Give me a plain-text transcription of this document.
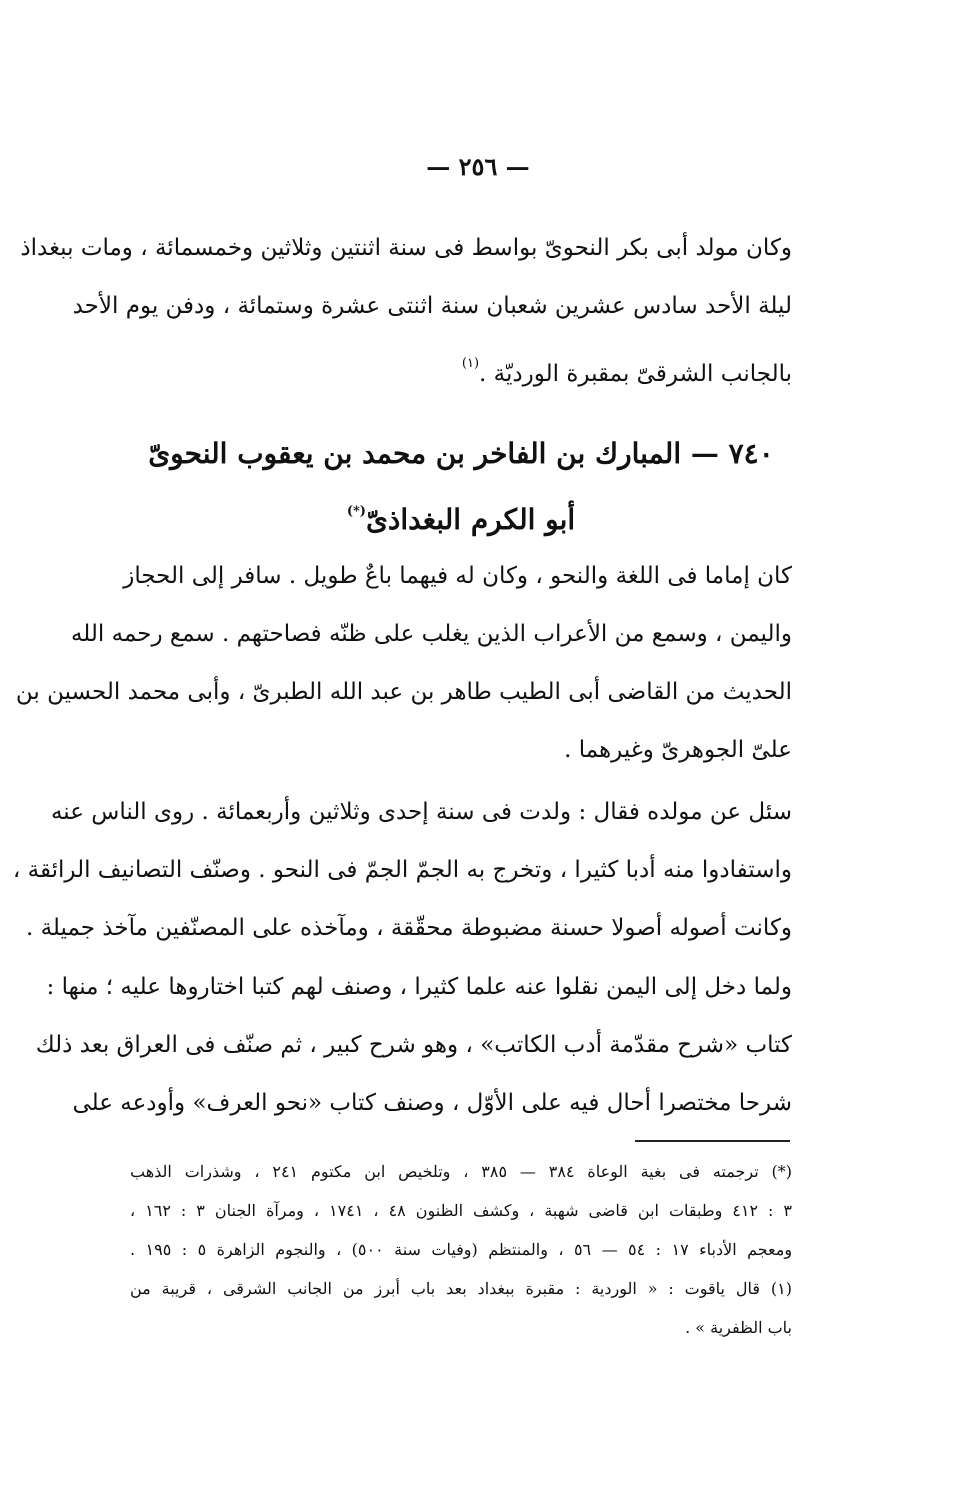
— ٢٥٦ —
وكان مولد أبى بكر النحوىّ بواسط فى سنة اثنتين وثلاثين وخمسمائة ، ومات ببغداذ
ليلة الأحد سادس عشرين شعبان سنة اثنتى عشرة وستمائة ، ودفن يوم الأحد
بالجانب الشرقىّ بمقبرة الورديّة .$^{(١)}$
٧٤٠ — المبارك بن الفاخر بن محمد بن يعقوب النحوىّ
أبو الكرم البغداذىّ(*)
كان إماما فى اللغة والنحو ، وكان له فيهما باعٌ طويل . سافر إلى الحجاز
واليمن ، وسمع من الأعراب الذين يغلب على ظنّه فصاحتهم . سمع رحمه الله
الحديث من القاضى أبى الطيب طاهر بن عبد الله الطبرىّ ، وأبى محمد الحسين بن
علىّ الجوهرىّ وغيرهما .
سئل عن مولده فقال : ولدت فى سنة إحدى وثلاثين وأربعمائة . روى الناس عنه
واستفادوا منه أدبا كثيرا ، وتخرج به الجمّ الجمّ فى النحو . وصنّف التصانيف الرائقة ،
وكانت أصوله أصولا حسنة مضبوطة محقّقة ، ومآخذه على المصنّفين مآخذ جميلة .
ولما دخل إلى اليمن نقلوا عنه علما كثيرا ، وصنف لهم كتبا اختاروها عليه ؛ منها :
كتاب «شرح مقدّمة أدب الكاتب» ، وهو شرح كبير ، ثم صنّف فى العراق بعد ذلك
شرحا مختصرا أحال فيه على الأوّل ، وصنف كتاب «نحو العرف» وأودعه على
(*) ترجمته فى بغية الوعاة ٣٨٤ — ٣٨٥ ، وتلخيص ابن مكتوم ٢٤١ ، وشذرات الذهب
٣ : ٤١٢ وطبقات ابن قاضى شهبة ، وكشف الظنون ٤٨ ، ١٧٤١ ، ومرآة الجنان ٣ : ١٦٢ ،
ومعجم الأدباء ١٧ : ٥٤ — ٥٦ ، والمنتظم (وفيات سنة ٥٠٠) ، والنجوم الزاهرة ٥ : ١٩٥ .
(١) قال ياقوت : « الوردية : مقبرة ببغداد بعد باب أبرز من الجانب الشرقى ، قريبة من
باب الظفرية » .
